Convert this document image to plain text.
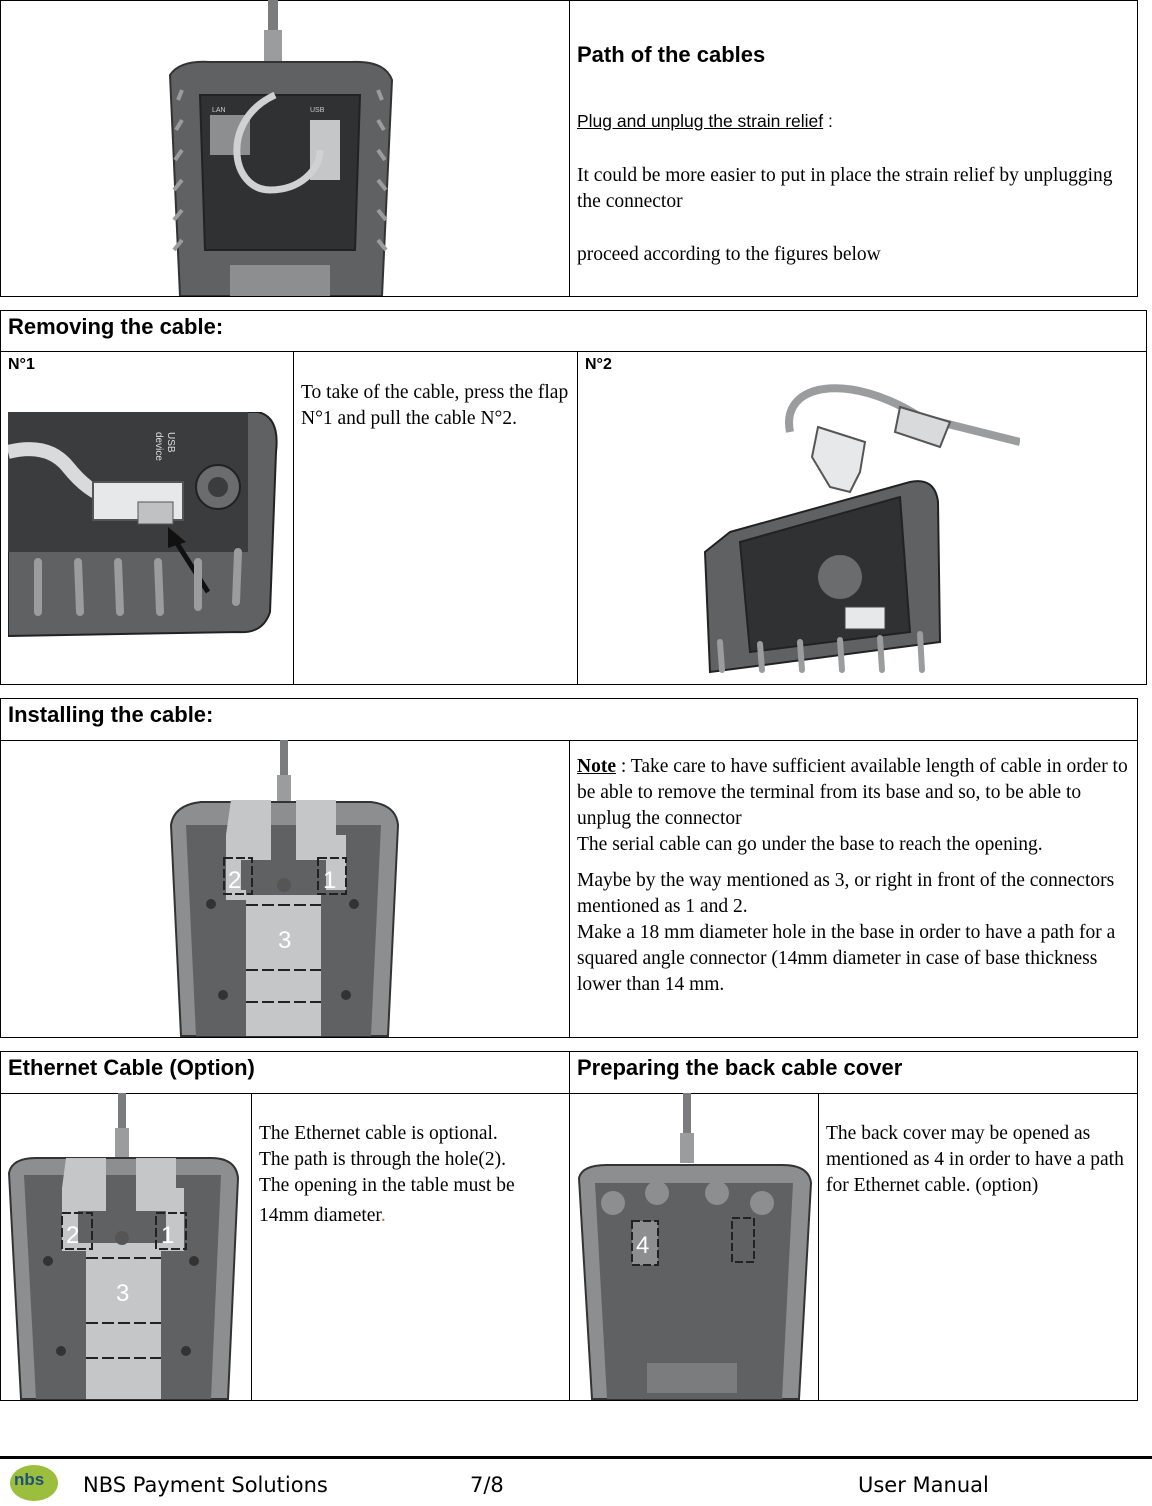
LAN	USB
Path of the cables
Plug and unplug the strain relief :
It could be more easier to put in place the strain relief by unplugging the connector
proceed according to the figures below
Removing the cable:
N°1	N°2
USB
device
To take of the cable, press the flap N°1 and pull the cable N°2.
Installing the cable:
2	1
3

Note : Take care to have sufficient available length of cable in order to be able to remove the terminal from its base and so, to be able to unplug the connector

The serial cable can go under the base to reach the opening.

Maybe by the way mentioned as 3, or right in front of the connectors mentioned as 1 and 2.

Make a 18 mm diameter hole in the base in order to have a path for a squared angle connector (14mm diameter in case of base thickness lower than 14 mm.

Ethernet Cable (Option)	Preparing the back cable cover
2	1
3

The Ethernet cable is optional.

The path is through the hole(2).

The opening in the table must be

14mm diameter.

4
The back cover may be opened as mentioned as 4 in order to have a path for Ethernet cable. (option)
nbs NBS Payment Solutions	7/8	User Manual
